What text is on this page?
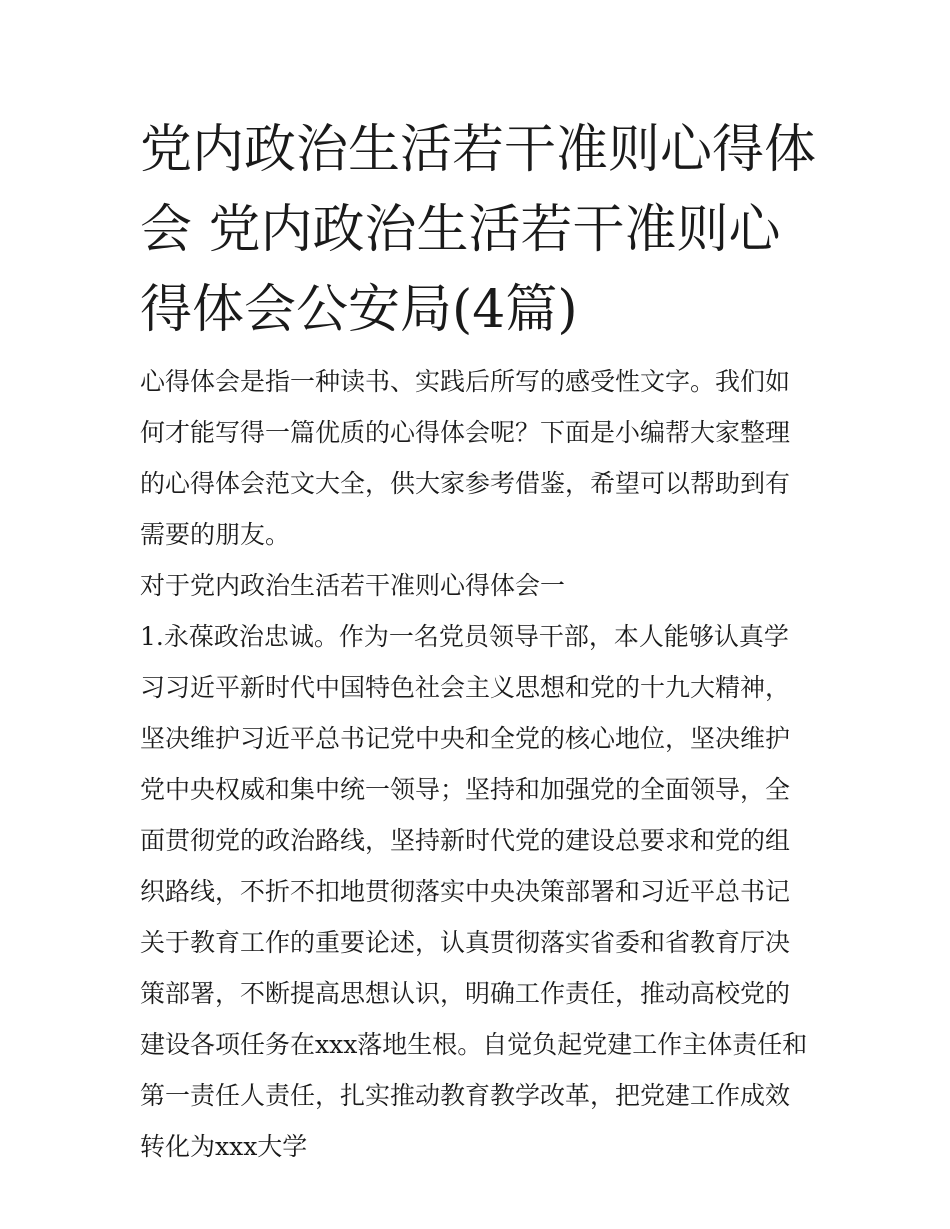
党内政治生活若干准则心得体会 党内政治生活若干准则心得体会公安局(4篇)

心得体会是指一种读书、实践后所写的感受性文字。我们如何才能写得一篇优质的心得体会呢？下面是小编帮大家整理的心得体会范文大全，供大家参考借鉴，希望可以帮助到有需要的朋友。

对于党内政治生活若干准则心得体会一

1.永葆政治忠诚。作为一名党员领导干部，本人能够认真学习习近平新时代中国特色社会主义思想和党的十九大精神，坚决维护习近平总书记党中央和全党的核心地位，坚决维护党中央权威和集中统一领导；坚持和加强党的全面领导，全面贯彻党的政治路线，坚持新时代党的建设总要求和党的组织路线，不折不扣地贯彻落实中央决策部署和习近平总书记关于教育工作的重要论述，认真贯彻落实省委和省教育厅决策部署，不断提高思想认识，明确工作责任，推动高校党的建设各项任务在xxx落地生根。自觉负起党建工作主体责任和第一责任人责任，扎实推动教育教学改革，把党建工作成效转化为xxx大学
